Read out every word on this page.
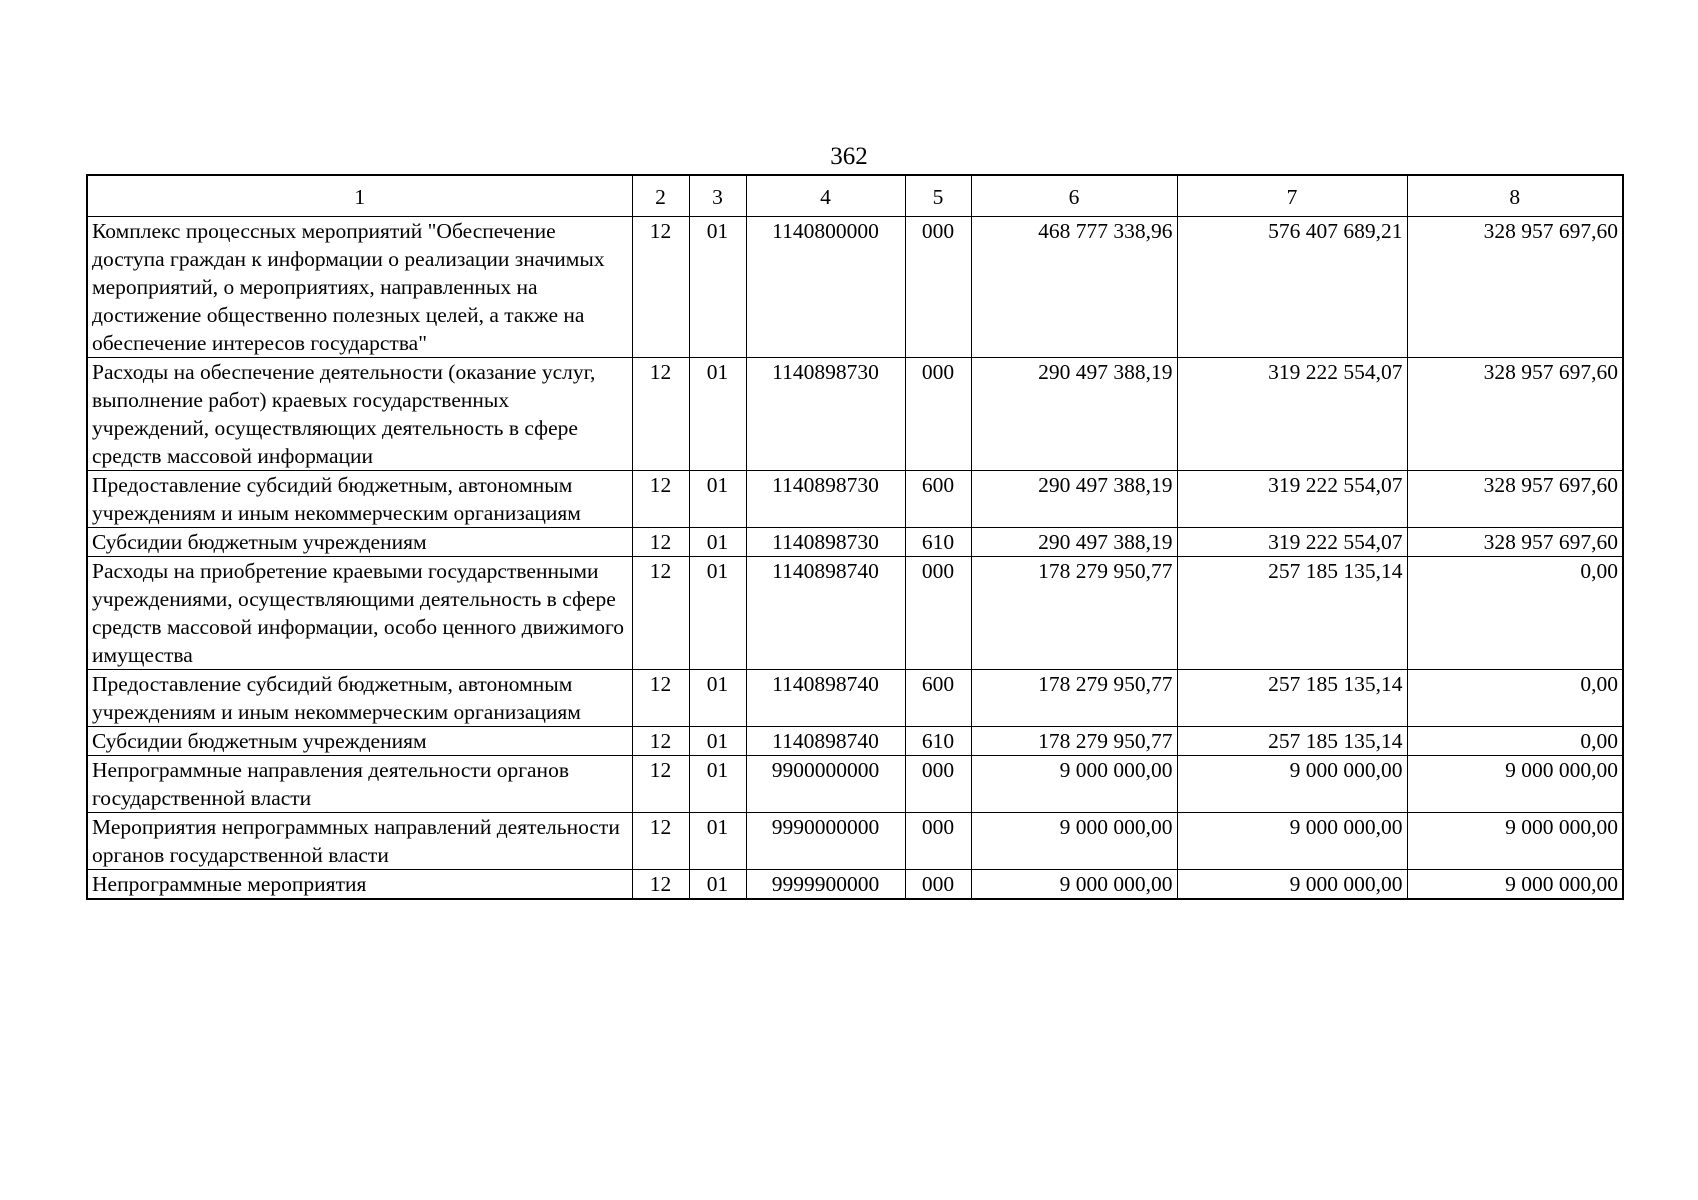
362
1	2	3	4	5	6	7	8
Комплекс процессных мероприятий "Обеспечение доступа граждан к информации о реализации значимых мероприятий, о мероприятиях, направленных на достижение общественно полезных целей, а также на обеспечение интересов государства"	12	01	1140800000	000	468 777 338,96	576 407 689,21	328 957 697,60
Расходы на обеспечение деятельности (оказание услуг, выполнение работ) краевых государственных учреждений, осуществляющих деятельность в сфере средств массовой информации	12	01	1140898730	000	290 497 388,19	319 222 554,07	328 957 697,60
Предоставление субсидий бюджетным, автономным учреждениям и иным некоммерческим организациям	12	01	1140898730	600	290 497 388,19	319 222 554,07	328 957 697,60
Субсидии бюджетным учреждениям	12	01	1140898730	610	290 497 388,19	319 222 554,07	328 957 697,60
Расходы на приобретение краевыми государственными учреждениями, осуществляющими деятельность в сфере средств массовой информации, особо ценного движимого имущества	12	01	1140898740	000	178 279 950,77	257 185 135,14	0,00
Предоставление субсидий бюджетным, автономным учреждениям и иным некоммерческим организациям	12	01	1140898740	600	178 279 950,77	257 185 135,14	0,00
Субсидии бюджетным учреждениям	12	01	1140898740	610	178 279 950,77	257 185 135,14	0,00
Непрограммные направления деятельности органов государственной власти	12	01	9900000000	000	9 000 000,00	9 000 000,00	9 000 000,00
Мероприятия непрограммных направлений деятельности органов государственной власти	12	01	9990000000	000	9 000 000,00	9 000 000,00	9 000 000,00
Непрограммные мероприятия	12	01	9999900000	000	9 000 000,00	9 000 000,00	9 000 000,00
